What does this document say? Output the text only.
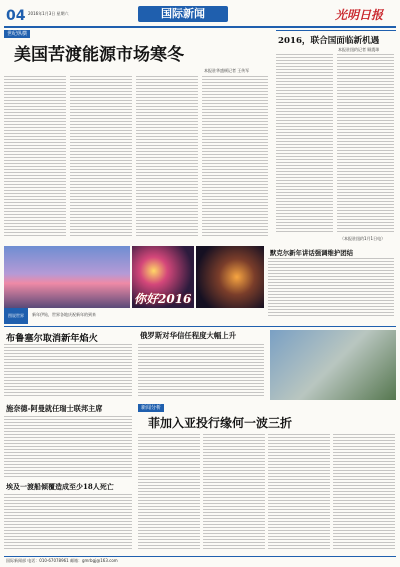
04 2016年1月3日 星期六	国际新闻	光明日报
世纪纵横
美国苦渡能源市场寒冬
本报驻华盛顿记者 王传军
2016，联合国面临新机遇
本报驻纽约记者 顾震球
（本报驻纽约1月1日电）
你好2016
新年伊始，世界各地庆祝新年的到来
图说世界
默克尔新年讲话强调维护团结
布鲁塞尔取消新年焰火	俄罗斯对华信任程度大幅上升
施奈德-阿曼就任瑞士联邦主席
埃及一渡船倾覆造成至少18人死亡
新闻分析
菲加入亚投行缘何一波三折
国际新闻部 电话：010-67078961 邮箱：gmrbgj@163.com
